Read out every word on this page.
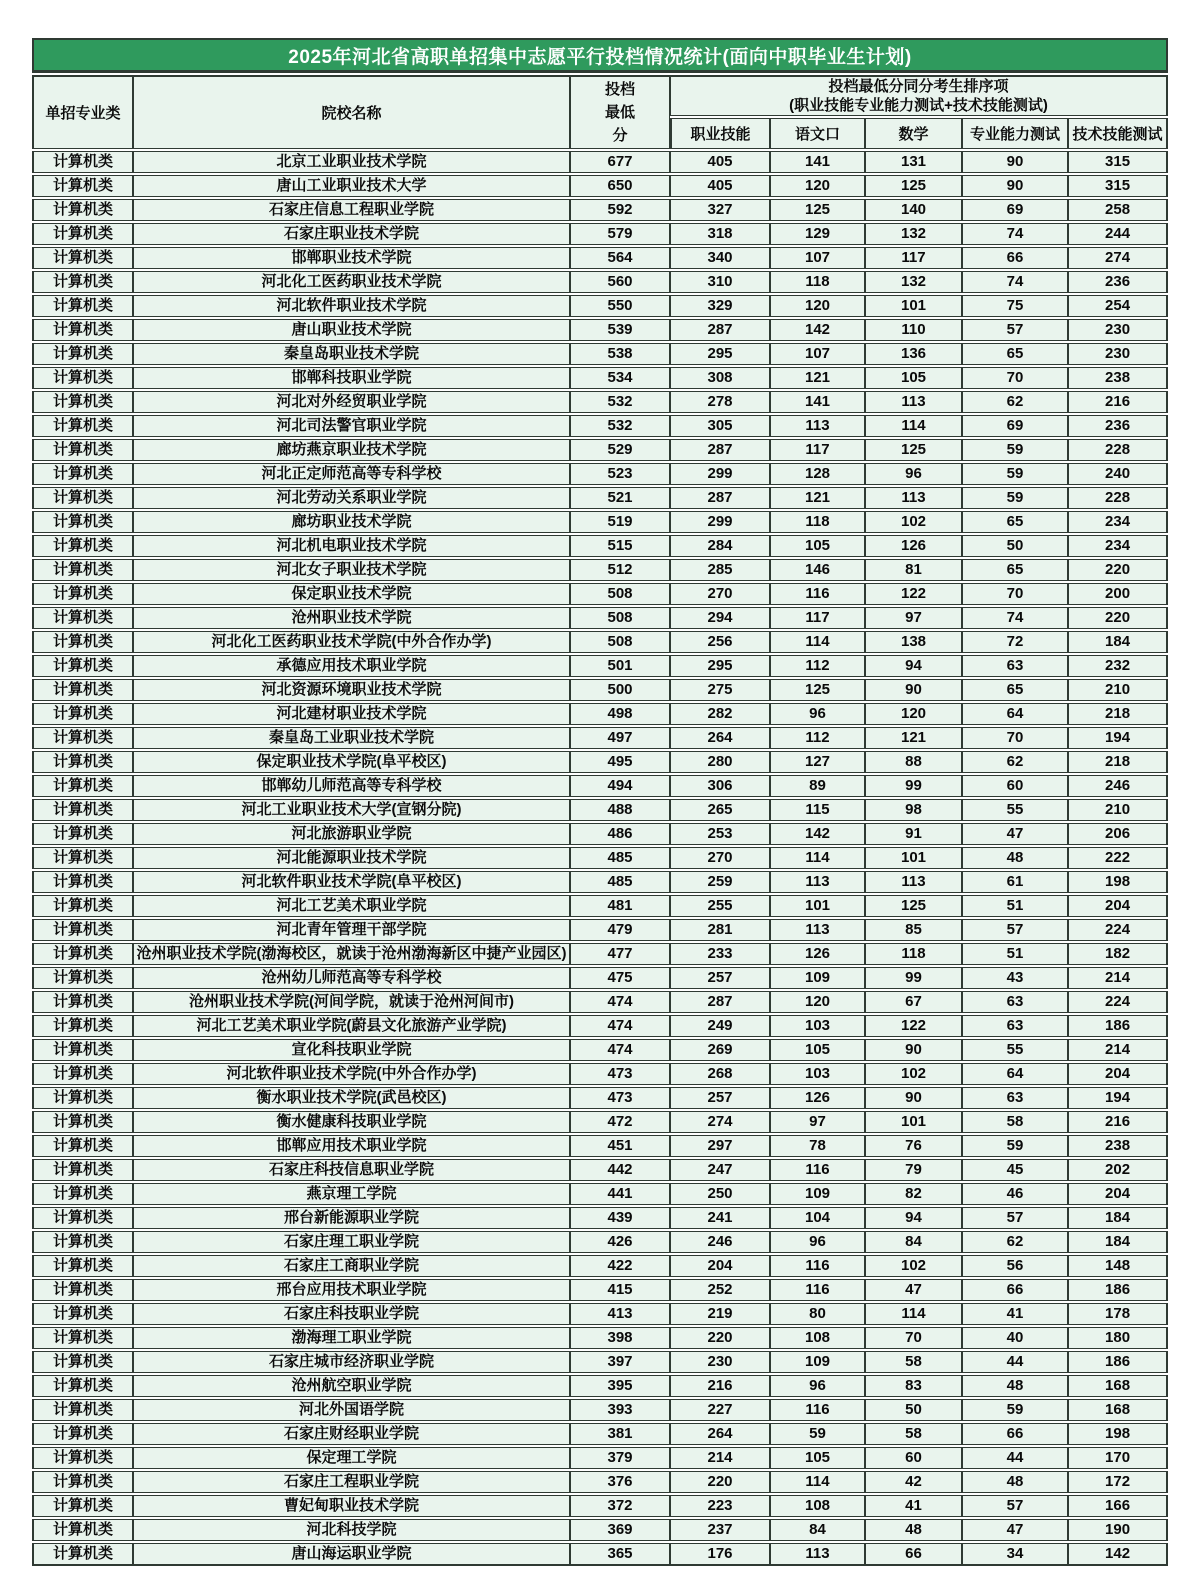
2025年河北省高职单招集中志愿平行投档情况统计(面向中职毕业生计划)
单招专业类	院校名称	
投档
最低
分

投档最低分同分考生排序项
(职业技能专业能力测试+技术技能测试)

			职业技能	语文口	数学	专业能力测试	技术技能测试
计算机类	北京工业职业技术学院	677	405	141	131	90	315
计算机类	唐山工业职业技术大学	650	405	120	125	90	315
计算机类	石家庄信息工程职业学院	592	327	125	140	69	258
计算机类	石家庄职业技术学院	579	318	129	132	74	244
计算机类	邯郸职业技术学院	564	340	107	117	66	274
计算机类	河北化工医药职业技术学院	560	310	118	132	74	236
计算机类	河北软件职业技术学院	550	329	120	101	75	254
计算机类	唐山职业技术学院	539	287	142	110	57	230
计算机类	秦皇岛职业技术学院	538	295	107	136	65	230
计算机类	邯郸科技职业学院	534	308	121	105	70	238
计算机类	河北对外经贸职业学院	532	278	141	113	62	216
计算机类	河北司法警官职业学院	532	305	113	114	69	236
计算机类	廊坊燕京职业技术学院	529	287	117	125	59	228
计算机类	河北正定师范高等专科学校	523	299	128	96	59	240
计算机类	河北劳动关系职业学院	521	287	121	113	59	228
计算机类	廊坊职业技术学院	519	299	118	102	65	234
计算机类	河北机电职业技术学院	515	284	105	126	50	234
计算机类	河北女子职业技术学院	512	285	146	81	65	220
计算机类	保定职业技术学院	508	270	116	122	70	200
计算机类	沧州职业技术学院	508	294	117	97	74	220
计算机类	河北化工医药职业技术学院(中外合作办学)	508	256	114	138	72	184
计算机类	承德应用技术职业学院	501	295	112	94	63	232
计算机类	河北资源环境职业技术学院	500	275	125	90	65	210
计算机类	河北建材职业技术学院	498	282	96	120	64	218
计算机类	秦皇岛工业职业技术学院	497	264	112	121	70	194
计算机类	保定职业技术学院(阜平校区)	495	280	127	88	62	218
计算机类	邯郸幼儿师范高等专科学校	494	306	89	99	60	246
计算机类	河北工业职业技术大学(宣钢分院)	488	265	115	98	55	210
计算机类	河北旅游职业学院	486	253	142	91	47	206
计算机类	河北能源职业技术学院	485	270	114	101	48	222
计算机类	河北软件职业技术学院(阜平校区)	485	259	113	113	61	198
计算机类	河北工艺美术职业学院	481	255	101	125	51	204
计算机类	河北青年管理干部学院	479	281	113	85	57	224
计算机类	沧州职业技术学院(渤海校区，就读于沧州渤海新区中捷产业园区)	477	233	126	118	51	182
计算机类	沧州幼儿师范高等专科学校	475	257	109	99	43	214
计算机类	沧州职业技术学院(河间学院，就读于沧州河间市)	474	287	120	67	63	224
计算机类	河北工艺美术职业学院(蔚县文化旅游产业学院)	474	249	103	122	63	186
计算机类	宣化科技职业学院	474	269	105	90	55	214
计算机类	河北软件职业技术学院(中外合作办学)	473	268	103	102	64	204
计算机类	衡水职业技术学院(武邑校区)	473	257	126	90	63	194
计算机类	衡水健康科技职业学院	472	274	97	101	58	216
计算机类	邯郸应用技术职业学院	451	297	78	76	59	238
计算机类	石家庄科技信息职业学院	442	247	116	79	45	202
计算机类	燕京理工学院	441	250	109	82	46	204
计算机类	邢台新能源职业学院	439	241	104	94	57	184
计算机类	石家庄理工职业学院	426	246	96	84	62	184
计算机类	石家庄工商职业学院	422	204	116	102	56	148
计算机类	邢台应用技术职业学院	415	252	116	47	66	186
计算机类	石家庄科技职业学院	413	219	80	114	41	178
计算机类	渤海理工职业学院	398	220	108	70	40	180
计算机类	石家庄城市经济职业学院	397	230	109	58	44	186
计算机类	沧州航空职业学院	395	216	96	83	48	168
计算机类	河北外国语学院	393	227	116	50	59	168
计算机类	石家庄财经职业学院	381	264	59	58	66	198
计算机类	保定理工学院	379	214	105	60	44	170
计算机类	石家庄工程职业学院	376	220	114	42	48	172
计算机类	曹妃甸职业技术学院	372	223	108	41	57	166
计算机类	河北科技学院	369	237	84	48	47	190
计算机类	唐山海运职业学院	365	176	113	66	34	142
